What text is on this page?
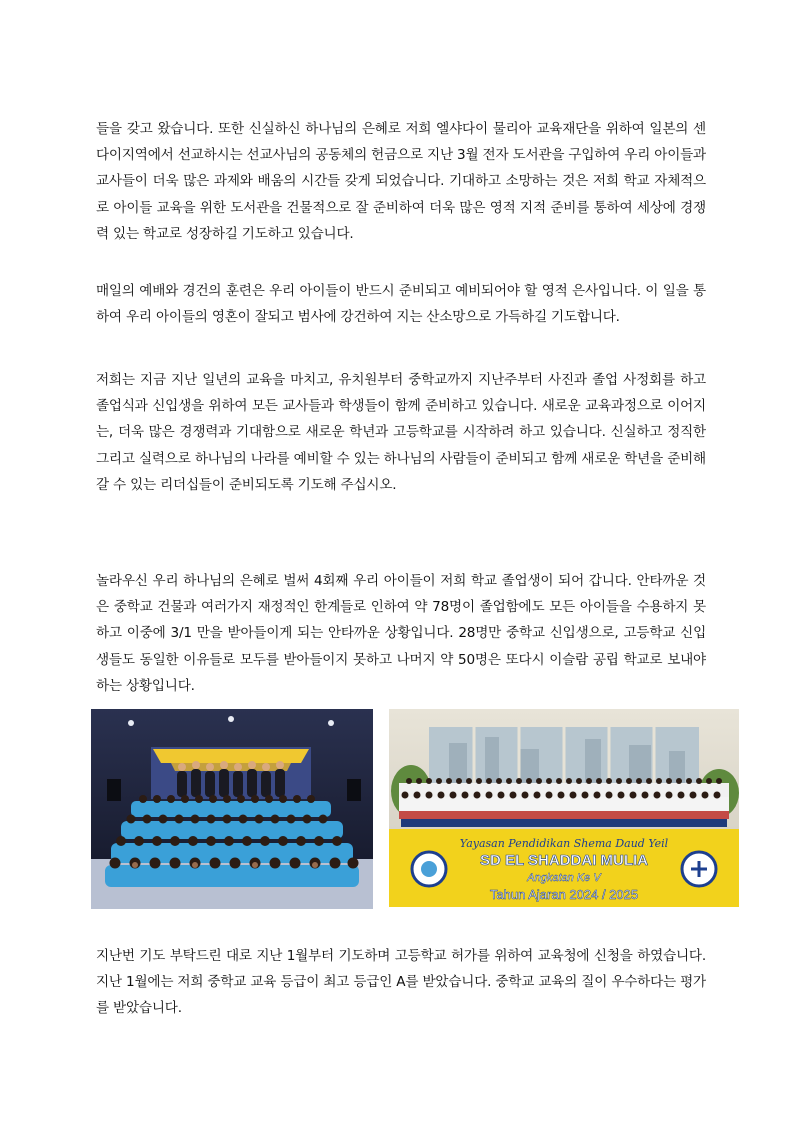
들을 갖고 왔습니다. 또한 신실하신 하나님의 은혜로 저희 엘샤다이 물리아 교육재단을 위하여 일본의 센다이지역에서 선교하시는 선교사님의 공동체의 헌금으로 지난 3월 전자 도서관을 구입하여 우리 아이들과 교사들이 더욱 많은 과제와 배움의 시간들 갖게 되었습니다. 기대하고 소망하는 것은 저희 학교 자체적으로 아이들 교육을 위한 도서관을 건물적으로 잘 준비하여 더욱 많은 영적 지적 준비를 통하여 세상에 경쟁력 있는 학교로 성장하길 기도하고 있습니다.

매일의 예배와 경건의 훈련은 우리 아이들이 반드시 준비되고 예비되어야 할 영적 은사입니다. 이 일을 통하여 우리 아이들의 영혼이 잘되고 범사에 강건하여 지는 산소망으로 가득하길 기도합니다.

저희는 지금 지난 일년의 교육을 마치고, 유치원부터 중학교까지 지난주부터 사진과 졸업 사정회를 하고 졸업식과 신입생을 위하여 모든 교사들과 학생들이 함께 준비하고 있습니다. 새로운 교육과정으로 이어지는, 더욱 많은 경쟁력과 기대함으로 새로운 학년과 고등학교를 시작하려 하고 있습니다. 신실하고 정직한 그리고 실력으로 하나님의 나라를 예비할 수 있는 하나님의 사람들이 준비되고 함께 새로운 학년을 준비해 갈 수 있는 리더십들이 준비되도록 기도해 주십시오.

놀라우신 우리 하나님의 은혜로 벌써 4회째 우리 아이들이 저희 학교 졸업생이 되어 갑니다. 안타까운 것은 중학교 건물과 여러가지 재정적인 한계들로 인하여 약 78명이 졸업함에도 모든 아이들을 수용하지 못하고 이중에 3/1 만을 받아들이게 되는 안타까운 상황입니다. 28명만 중학교 신입생으로, 고등학교 신입생들도 동일한 이유들로 모두를 받아들이지 못하고 나머지 약 50명은 또다시 이슬람 공립 학교로 보내야 하는 상황입니다.

Yayasan Pendidikan Shema Daud Yeil
SD EL SHADDAI MULIA
Angkatan Ke V
Tahun Ajaran 2024 / 2025

지난번 기도 부탁드린 대로 지난 1월부터 기도하며 고등학교 허가를 위하여 교육청에 신청을 하였습니다. 지난 1월에는 저희 중학교 교육 등급이 최고 등급인 A를 받았습니다. 중학교 교육의 질이 우수하다는 평가를 받았습니다.
